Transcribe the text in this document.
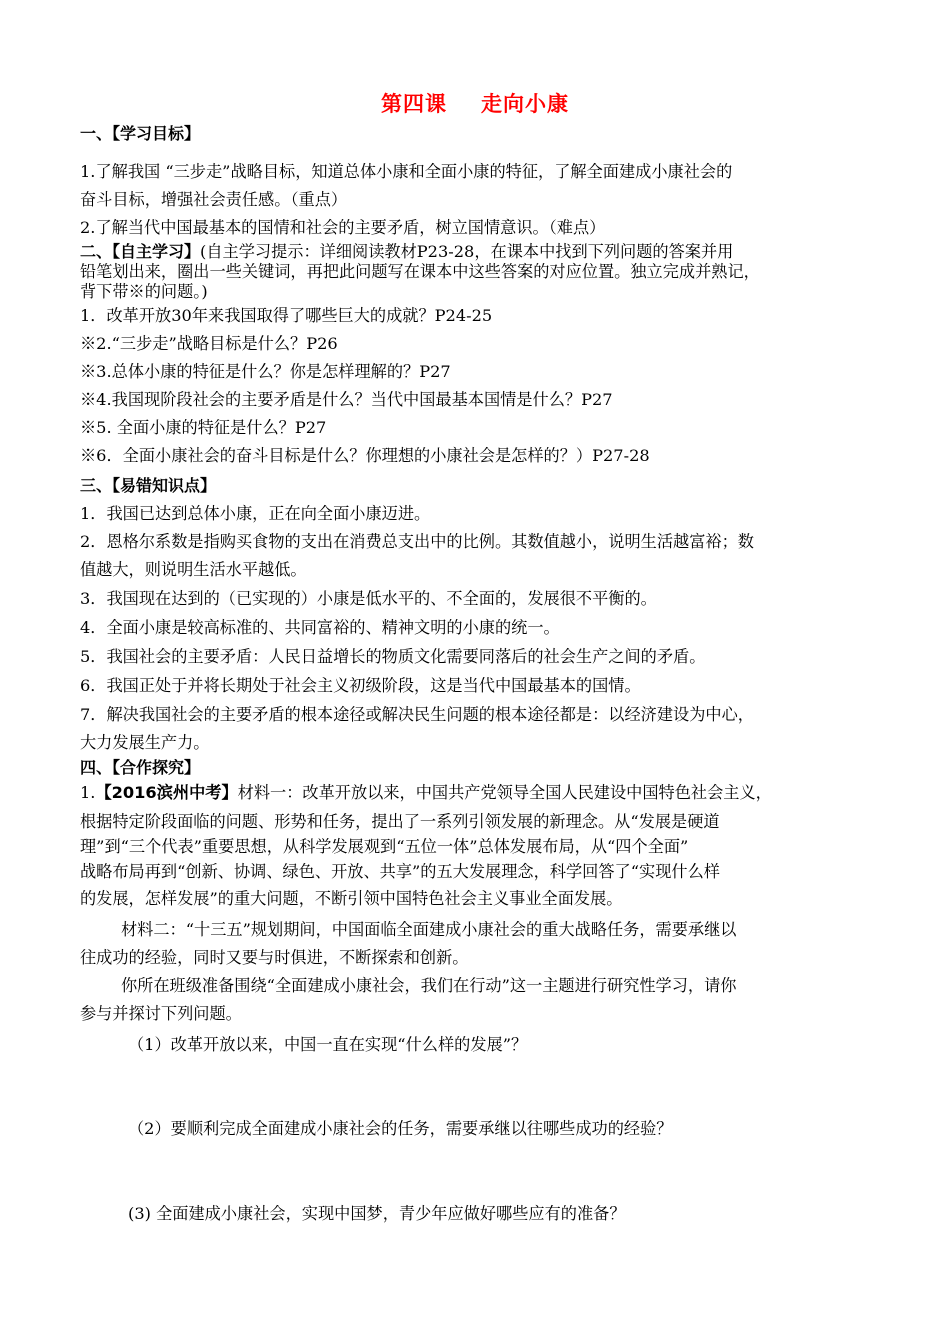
第四课 走向小康
一、【学习目标】
1.了解我国 “三步走”战略目标，知道总体小康和全面小康的特征，了解全面建成小康社会的
奋斗目标，增强社会责任感。（重点）
2.了解当代中国最基本的国情和社会的主要矛盾，树立国情意识。（难点）
二、【自主学习】(自主学习提示：详细阅读教材P23-28，在课本中找到下列问题的答案并用
铅笔划出来，圈出一些关键词，再把此问题写在课本中这些答案的对应位置。独立完成并熟记，
背下带※的问题。)
1．改革开放30年来我国取得了哪些巨大的成就？P24-25
※2.“三步走”战略目标是什么？P26
※3.总体小康的特征是什么？你是怎样理解的？P27
※4.我国现阶段社会的主要矛盾是什么？当代中国最基本国情是什么？P27
※5. 全面小康的特征是什么？P27
※6．全面小康社会的奋斗目标是什么？你理想的小康社会是怎样的？）P27-28
三、【易错知识点】
1．我国已达到总体小康，正在向全面小康迈进。
2．恩格尔系数是指购买食物的支出在消费总支出中的比例。其数值越小，说明生活越富裕；数
值越大，则说明生活水平越低。
3．我国现在达到的（已实现的）小康是低水平的、不全面的，发展很不平衡的。
4．全面小康是较高标准的、共同富裕的、精神文明的小康的统一。
5．我国社会的主要矛盾：人民日益增长的物质文化需要同落后的社会生产之间的矛盾。
6．我国正处于并将长期处于社会主义初级阶段，这是当代中国最基本的国情。
7．解决我国社会的主要矛盾的根本途径或解决民生问题的根本途径都是：以经济建设为中心，
大力发展生产力。
四、【合作探究】
1.【2016滨州中考】材料一：改革开放以来，中国共产党领导全国人民建设中国特色社会主义，
根据特定阶段面临的问题、形势和任务，提出了一系列引领发展的新理念。从“发展是硬道
理”到“三个代表”重要思想，从科学发展观到“五位一体”总体发展布局，从“四个全面”
战略布局再到“创新、协调、绿色、开放、共享”的五大发展理念，科学回答了“实现什么样
的发展，怎样发展”的重大问题，不断引领中国特色社会主义事业全面发展。
材料二：“十三五”规划期间，中国面临全面建成小康社会的重大战略任务，需要承继以
往成功的经验，同时又要与时俱进，不断探索和创新。
你所在班级准备围绕“全面建成小康社会，我们在行动”这一主题进行研究性学习，请你
参与并探讨下列问题。
（1）改革开放以来，中国一直在实现“什么样的发展”？
（2）要顺利完成全面建成小康社会的任务，需要承继以往哪些成功的经验？
(3) 全面建成小康社会，实现中国梦，青少年应做好哪些应有的准备？
